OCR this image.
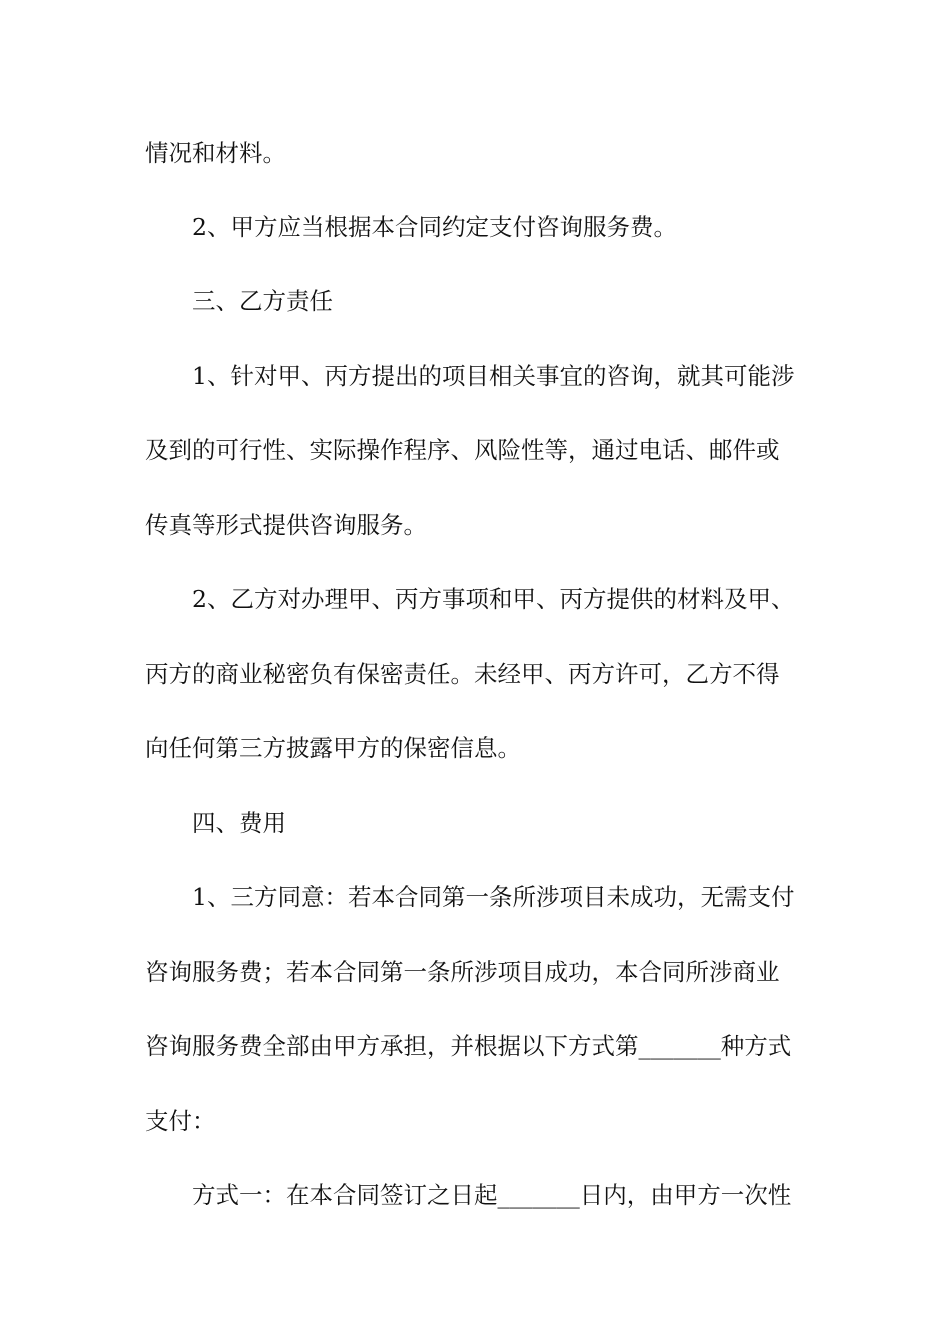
情况和材料。
2、甲方应当根据本合同约定支付咨询服务费。
三、乙方责任
1、针对甲、丙方提出的项目相关事宜的咨询，就其可能涉
及到的可行性、实际操作程序、风险性等，通过电话、邮件或
传真等形式提供咨询服务。
2、乙方对办理甲、丙方事项和甲、丙方提供的材料及甲、
丙方的商业秘密负有保密责任。未经甲、丙方许可，乙方不得
向任何第三方披露甲方的保密信息。
四、费用
1、三方同意：若本合同第一条所涉项目未成功，无需支付
咨询服务费；若本合同第一条所涉项目成功，本合同所涉商业
咨询服务费全部由甲方承担，并根据以下方式第_______种方式
支付：
方式一：在本合同签订之日起_______日内，由甲方一次性
